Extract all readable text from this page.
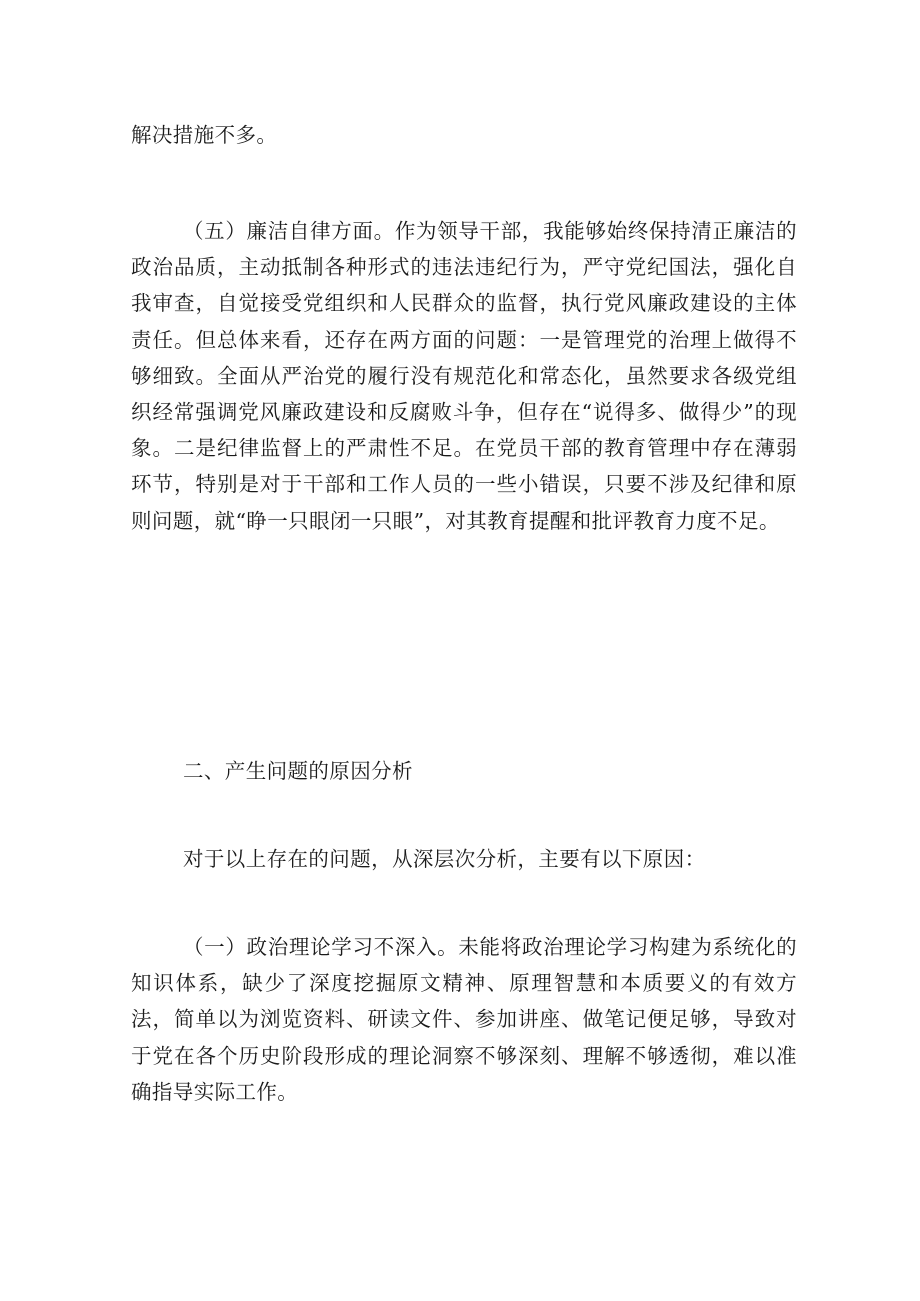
解决措施不多。

（五）廉洁自律方面。作为领导干部，我能够始终保持清正廉洁的政治品质，主动抵制各种形式的违法违纪行为，严守党纪国法，强化自我审查，自觉接受党组织和人民群众的监督，执行党风廉政建设的主体责任。但总体来看，还存在两方面的问题：一是管理党的治理上做得不够细致。全面从严治党的履行没有规范化和常态化，虽然要求各级党组织经常强调党风廉政建设和反腐败斗争，但存在“说得多、做得少”的现象。二是纪律监督上的严肃性不足。在党员干部的教育管理中存在薄弱环节，特别是对于干部和工作人员的一些小错误，只要不涉及纪律和原则问题，就“睁一只眼闭一只眼”，对其教育提醒和批评教育力度不足。

二、产生问题的原因分析

对于以上存在的问题，从深层次分析，主要有以下原因：

（一）政治理论学习不深入。未能将政治理论学习构建为系统化的知识体系，缺少了深度挖掘原文精神、原理智慧和本质要义的有效方法，简单以为浏览资料、研读文件、参加讲座、做笔记便足够，导致对于党在各个历史阶段形成的理论洞察不够深刻、理解不够透彻，难以准确指导实际工作。
